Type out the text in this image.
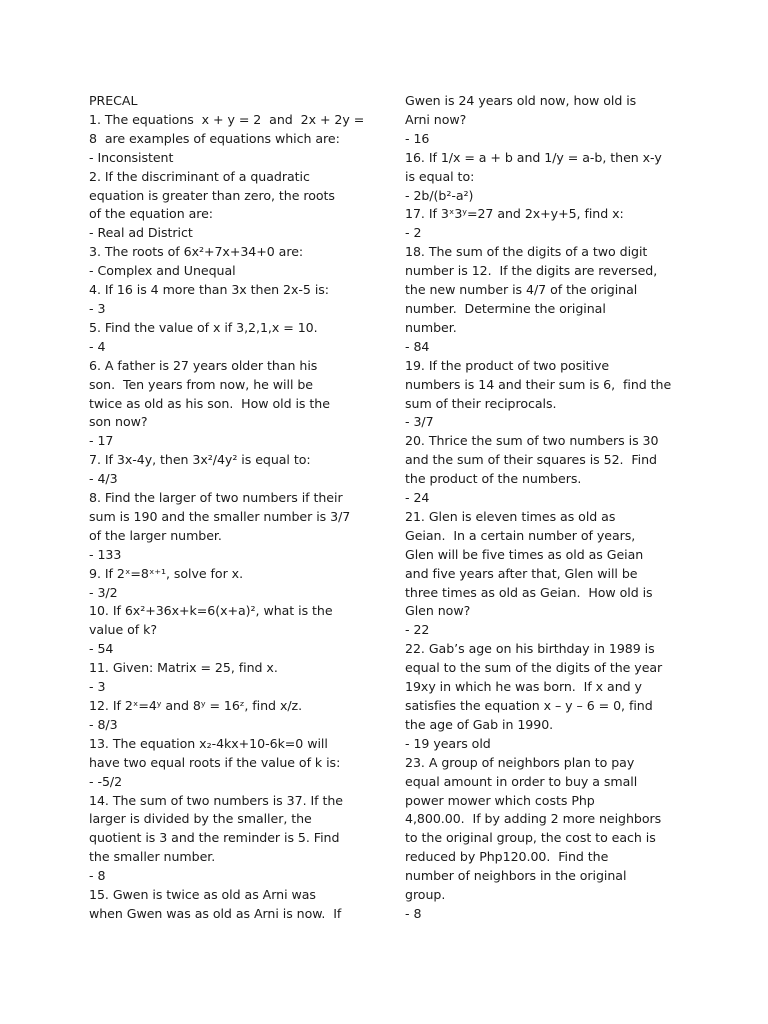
PRECAL
1. The equations  x + y = 2  and  2x + 2y =
8  are examples of equations which are:
- Inconsistent
2. If the discriminant of a quadratic
equation is greater than zero, the roots
of the equation are:
- Real ad District
3. The roots of 6x²+7x+34+0 are:
- Complex and Unequal
4. If 16 is 4 more than 3x then 2x-5 is:
- 3
5. Find the value of x if 3,2,1,x = 10.
- 4
6. A father is 27 years older than his
son.  Ten years from now, he will be
twice as old as his son.  How old is the
son now?
- 17
7. If 3x-4y, then 3x²/4y² is equal to:
- 4/3
8. Find the larger of two numbers if their
sum is 190 and the smaller number is 3/7
of the larger number.
- 133
9. If 2ˣ=8ˣ⁺¹, solve for x.
- 3/2
10. If 6x²+36x+k=6(x+a)², what is the
value of k?
- 54
11. Given: Matrix = 25, find x.
- 3
12. If 2ˣ=4ʸ and 8ʸ = 16ᶻ, find x/z.
- 8/3
13. The equation x₂-4kx+10-6k=0 will
have two equal roots if the value of k is:
- -5/2
14. The sum of two numbers is 37. If the
larger is divided by the smaller, the
quotient is 3 and the reminder is 5. Find
the smaller number.
- 8
15. Gwen is twice as old as Arni was
when Gwen was as old as Arni is now.  If
Gwen is 24 years old now, how old is
Arni now?
- 16
16. If 1/x = a + b and 1/y = a-b, then x-y
is equal to:
- 2b/(b²-a²)
17. If 3ˣ3ʸ=27 and 2x+y+5, find x:
- 2
18. The sum of the digits of a two digit
number is 12.  If the digits are reversed,
the new number is 4/7 of the original
number.  Determine the original
number.
- 84
19. If the product of two positive
numbers is 14 and their sum is 6,  find the
sum of their reciprocals.
- 3/7
20. Thrice the sum of two numbers is 30
and the sum of their squares is 52.  Find
the product of the numbers.
- 24
21. Glen is eleven times as old as
Geian.  In a certain number of years,
Glen will be five times as old as Geian
and five years after that, Glen will be
three times as old as Geian.  How old is
Glen now?
- 22
22. Gab’s age on his birthday in 1989 is
equal to the sum of the digits of the year
19xy in which he was born.  If x and y
satisfies the equation x – y – 6 = 0, find
the age of Gab in 1990.
- 19 years old
23. A group of neighbors plan to pay
equal amount in order to buy a small
power mower which costs Php
4,800.00.  If by adding 2 more neighbors
to the original group, the cost to each is
reduced by Php120.00.  Find the
number of neighbors in the original
group.
- 8
